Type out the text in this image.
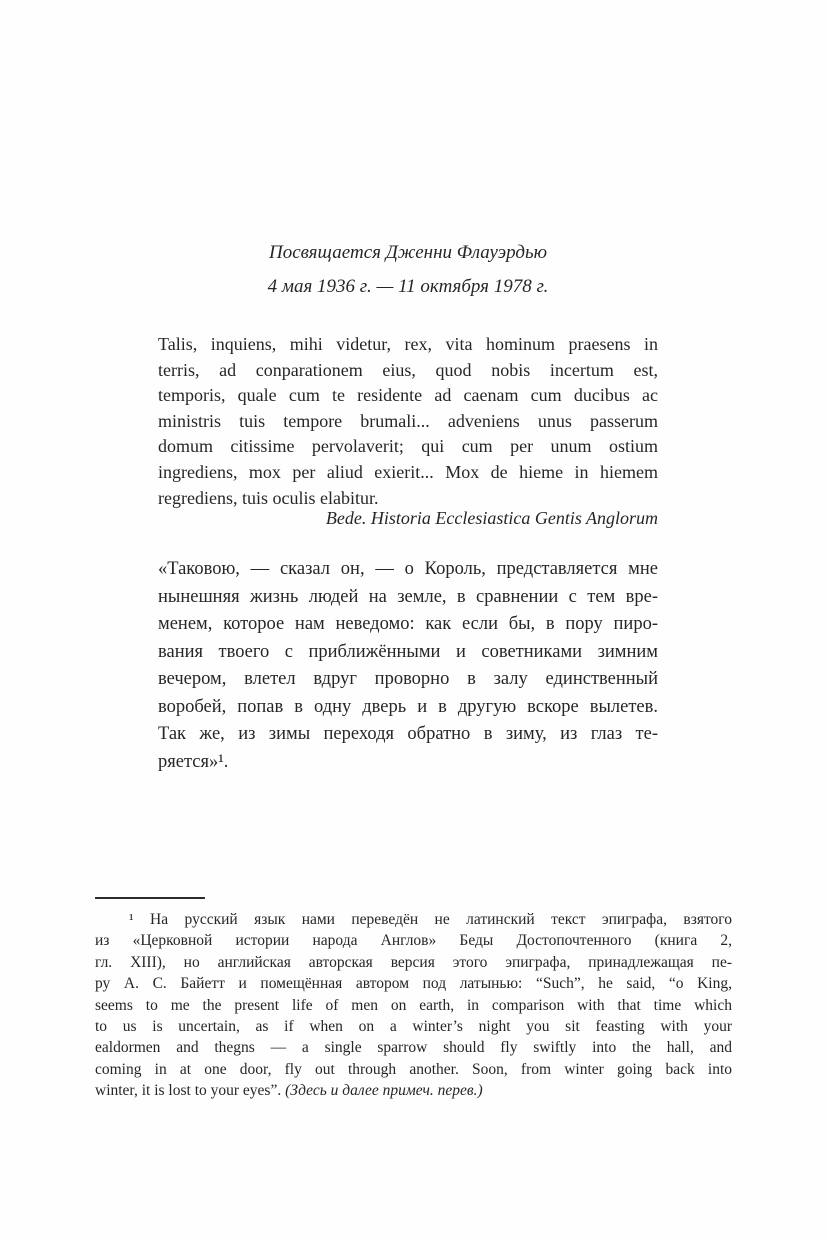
Посвящается Дженни Флауэрдью
4 мая 1936 г. — 11 октября 1978 г.
Talis, inquiens, mihi videtur, rex, vita hominum praesens in
terris, ad conparationem eius, quod nobis incertum est,
temporis, quale cum te residente ad caenam cum ducibus ac
ministris tuis tempore brumali... adveniens unus passerum
domum citissime pervolaverit; qui cum per unum ostium
ingrediens, mox per aliud exierit... Mox de hieme in hiemem
regrediens, tuis oculis elabitur.
Bede. Historia Ecclesiastica Gentis Anglorum
«Таковою, — сказал он, — о Король, представляется мне
нынешняя жизнь людей на земле, в сравнении с тем вре-
менем, которое нам неведомо: как если бы, в пору пиро-
вания твоего с приближёнными и советниками зимним
вечером, влетел вдруг проворно в залу единственный
воробей, попав в одну дверь и в другую вскоре вылетев.
Так же, из зимы переходя обратно в зиму, из глаз те-
ряется»¹.
¹ На русский язык нами переведён не латинский текст эпиграфа, взятого
из «Церковной истории народа Англов» Беды Достопочтенного (книга 2,
гл. XIII), но английская авторская версия этого эпиграфа, принадлежащая пе-
ру А. С. Байетт и помещённая автором под латынью: “Such”, he said, “o King,
seems to me the present life of men on earth, in comparison with that time which
to us is uncertain, as if when on a winter’s night you sit feasting with your
ealdormen and thegns — a single sparrow should fly swiftly into the hall, and
coming in at one door, fly out through another. Soon, from winter going back into
winter, it is lost to your eyes”. (Здесь и далее примеч. перев.)
